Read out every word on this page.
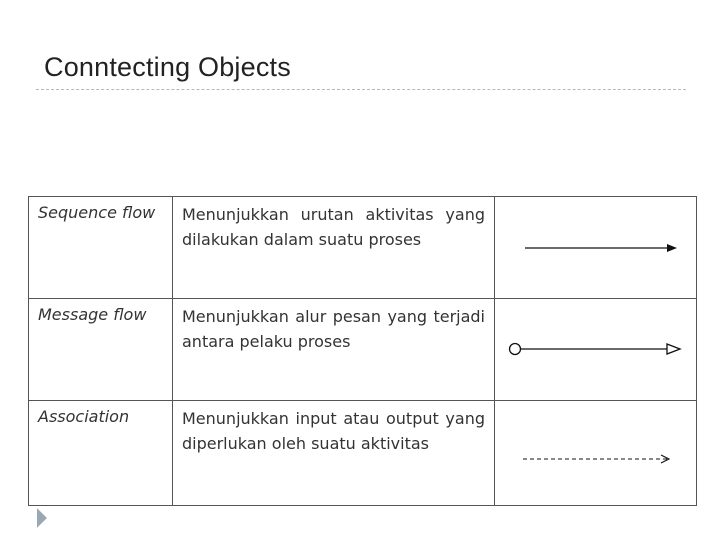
Conntecting Objects
Sequence flow	Menunjukkan urutan aktivitas yang dilakukan dalam suatu proses

Message flow	Menunjukkan alur pesan yang terjadi antara pelaku proses

Association	Menunjukkan input atau output yang diperlukan oleh suatu aktivitas
